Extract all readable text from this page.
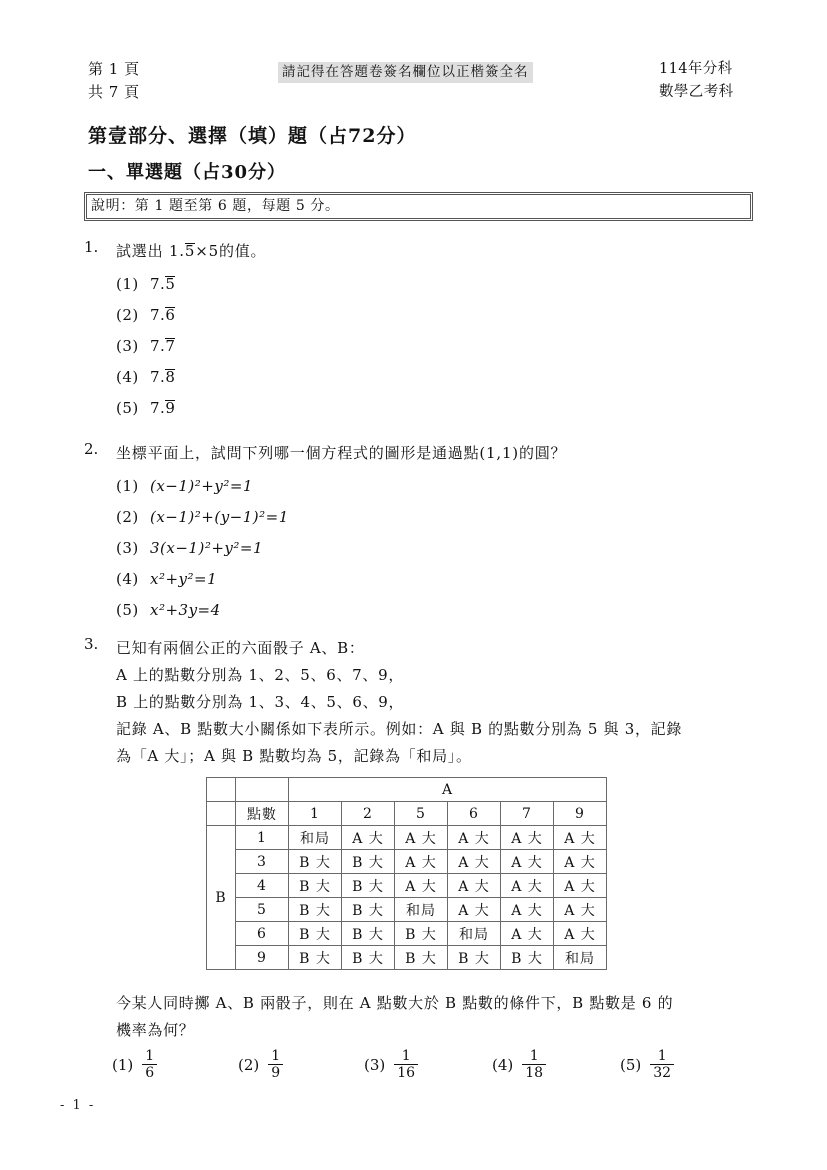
第 1 頁
共 7 頁
請記得在答題卷簽名欄位以正楷簽全名	114年分科
數學乙考科
第壹部分、選擇（填）題（占72分）
一、單選題（占30分）
說明：第 1 題至第 6 題，每題 5 分。
1.	試選出 1.5×5的值。
(1) 7.5
(2) 7.6
(3) 7.7
(4) 7.8
(5) 7.9
2.	坐標平面上，試問下列哪一個方程式的圖形是通過點(1,1)的圓？
(1) (x−1)²+y²=1
(2) (x−1)²+(y−1)²=1
(3) 3(x−1)²+y²=1
(4) x²+y²=1
(5) x²+3y=4
3.	已知有兩個公正的六面骰子 A、B：
A 上的點數分別為 1、2、5、6、7、9，
B 上的點數分別為 1、3、4、5、6、9，
記錄 A、B 點數大小關係如下表所示。例如：A 與 B 的點數分別為 5 與 3，記錄
為「A 大」；A 與 B 點數均為 5，記錄為「和局」。
		A					
	點數	1	2	5	6	7	9
B	1	和局	A 大	A 大	A 大	A 大	A 大
	3	B 大	B 大	A 大	A 大	A 大	A 大
	4	B 大	B 大	A 大	A 大	A 大	A 大
	5	B 大	B 大	和局	A 大	A 大	A 大
	6	B 大	B 大	B 大	和局	A 大	A 大
	9	B 大	B 大	B 大	B 大	B 大	和局
今某人同時擲 A、B 兩骰子，則在 A 點數大於 B 點數的條件下，B 點數是 6 的
機率為何？
$(1) \frac{1}{6}$	$(2) \frac{1}{9}$	$(3) \frac{1}{16}$	$(4) \frac{1}{18}$	$(5) \frac{1}{32}$
- 1 -
